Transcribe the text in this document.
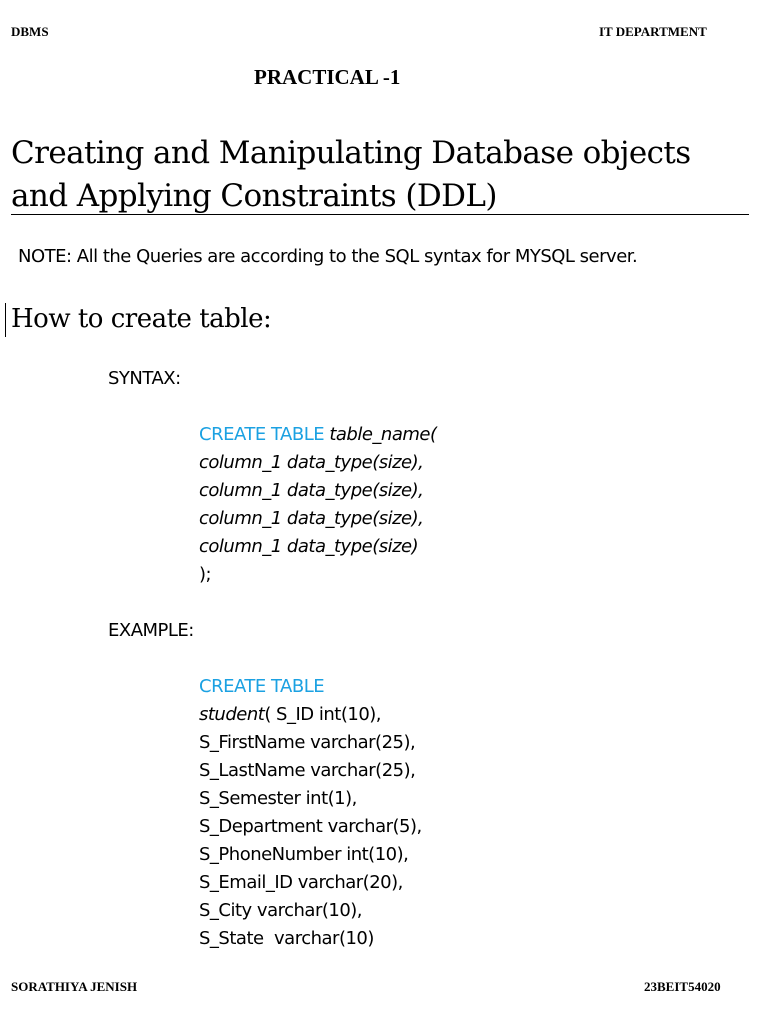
DBMS	IT DEPARTMENT
PRACTICAL -1
Creating and Manipulating Database objects and Applying Constraints (DDL)
NOTE: All the Queries are according to the SQL syntax for MYSQL server.
How to create table:
SYNTAX:
CREATE TABLE table_name(
column_1 data_type(size),
column_1 data_type(size),
column_1 data_type(size),
column_1 data_type(size)
);
EXAMPLE:
CREATE TABLE
student( S_ID int(10),
S_FirstName varchar(25),
S_LastName varchar(25),
S_Semester int(1),
S_Department varchar(5),
S_PhoneNumber int(10),
S_Email_ID varchar(20),
S_City varchar(10),
S_State  varchar(10)
SORATHIYA JENISH	23BEIT54020
